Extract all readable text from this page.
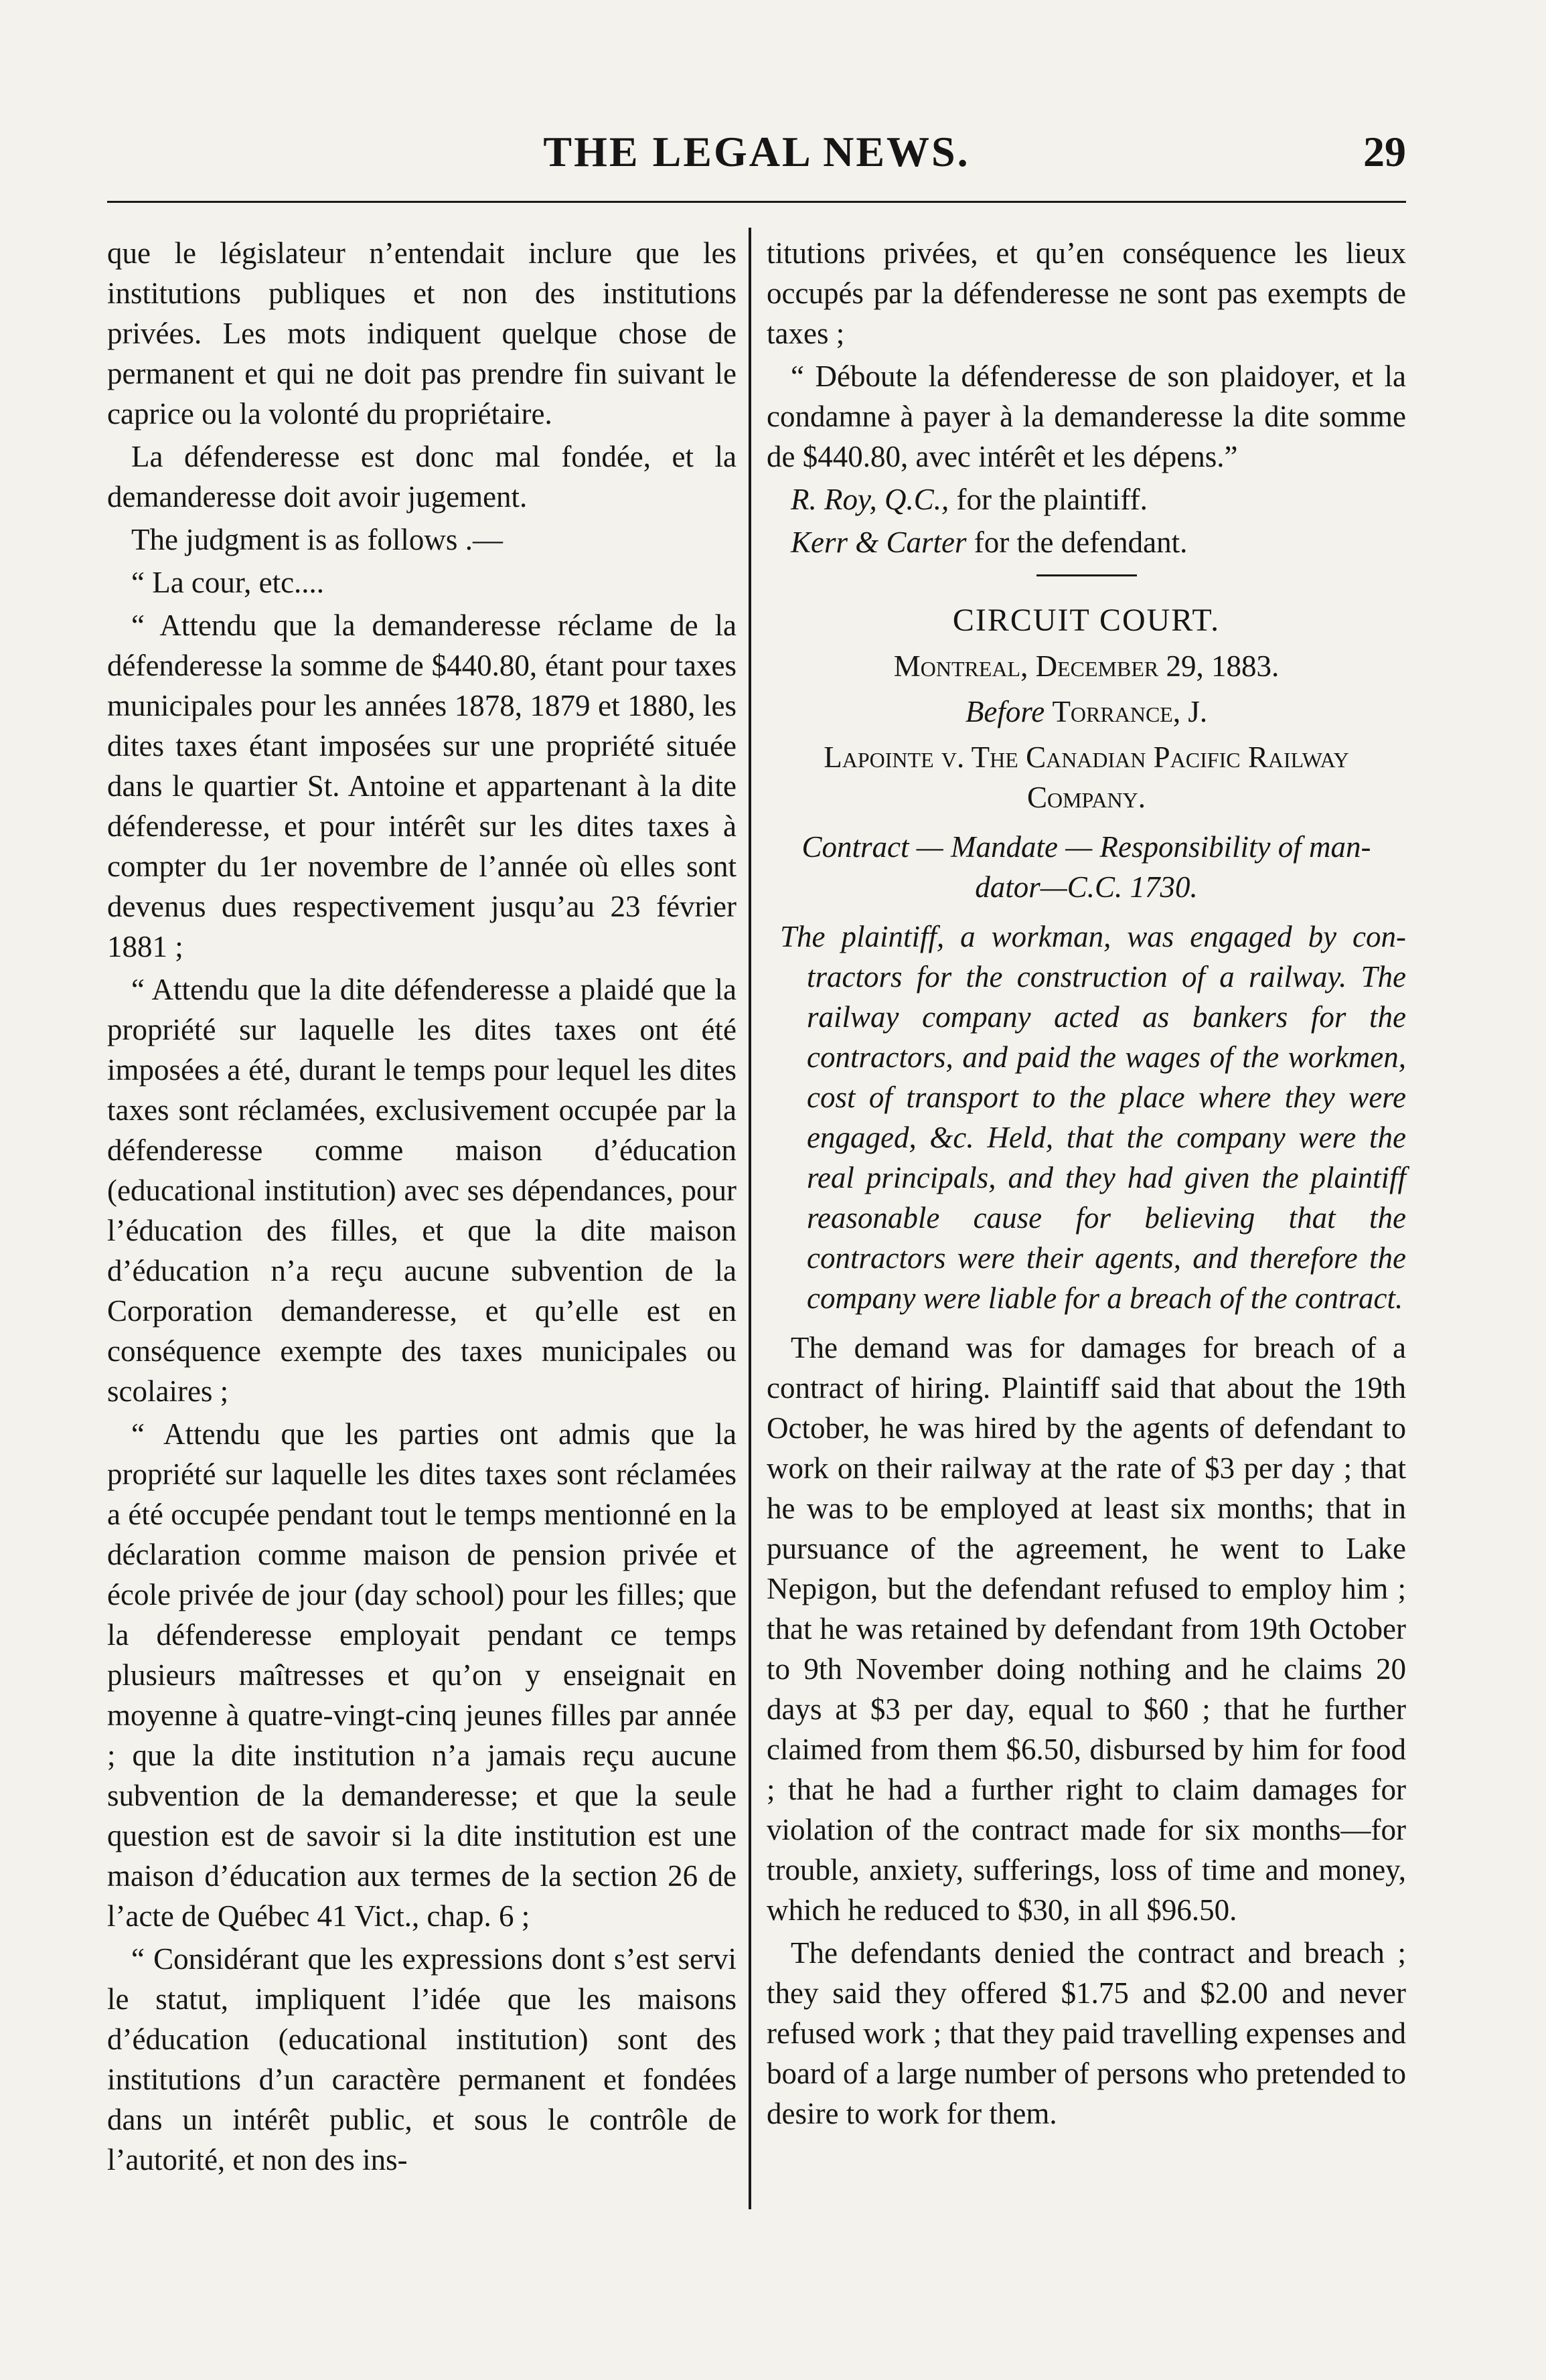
THE LEGAL NEWS.	29

que le législateur n’entendait inclure que les institutions publiques et non des institutions privées. Les mots indiquent quelque chose de permanent et qui ne doit pas prendre fin suivant le caprice ou la volonté du propriétaire.

La défenderesse est donc mal fondée, et la demanderesse doit avoir jugement.

The judgment is as follows .—

“ La cour, etc....

“ Attendu que la demanderesse réclame de la défenderesse la somme de $440.80, étant pour taxes municipales pour les années 1878, 1879 et 1880, les dites taxes étant imposées sur une propriété située dans le quartier St. Antoine et appartenant à la dite défenderesse, et pour intérêt sur les dites taxes à compter du 1er novembre de l’année où elles sont devenus dues respectivement jusqu’au 23 février 1881 ;

“ Attendu que la dite défenderesse a plaidé que la propriété sur laquelle les dites taxes ont été imposées a été, durant le temps pour lequel les dites taxes sont réclamées, exclusivement occupée par la défenderesse comme maison d’éducation (educational institution) avec ses dépendances, pour l’éducation des filles, et que la dite maison d’éducation n’a reçu aucune subvention de la Corporation demanderesse, et qu’elle est en conséquence exempte des taxes municipales ou scolaires ;

“ Attendu que les parties ont admis que la propriété sur laquelle les dites taxes sont réclamées a été occupée pendant tout le temps mentionné en la déclaration comme maison de pension privée et école privée de jour (day school) pour les filles; que la défenderesse employait pendant ce temps plusieurs maîtresses et qu’on y enseignait en moyenne à quatre-vingt-cinq jeunes filles par année ; que la dite institution n’a jamais reçu aucune subvention de la demanderesse; et que la seule question est de savoir si la dite institution est une maison d’éducation aux termes de la section 26 de l’acte de Québec 41 Vict., chap. 6 ;

“ Considérant que les expressions dont s’est servi le statut, impliquent l’idée que les maisons d’éducation (educational institution) sont des institutions d’un caractère permanent et fondées dans un intérêt public, et sous le contrôle de l’autorité, et non des ins-

titutions privées, et qu’en conséquence les lieux occupés par la défenderesse ne sont pas exempts de taxes ;

“ Déboute la défenderesse de son plaidoyer, et la condamne à payer à la demanderesse la dite somme de $440.80, avec intérêt et les dépens.”

R. Roy, Q.C., for the plaintiff.

Kerr & Carter for the defendant.

CIRCUIT COURT.
Montreal, December 29, 1883.
Before Torrance, J.
Lapointe v. The Canadian Pacific Railway Company.
Contract — Mandate — Responsibility of mandator—C.C. 1730.
The plaintiff, a workman, was engaged by contractors for the construction of a railway. The railway company acted as bankers for the contractors, and paid the wages of the workmen, cost of transport to the place where they were engaged, &c. Held, that the company were the real principals, and they had given the plaintiff reasonable cause for believing that the contractors were their agents, and therefore the company were liable for a breach of the contract.

The demand was for damages for breach of a contract of hiring. Plaintiff said that about the 19th October, he was hired by the agents of defendant to work on their railway at the rate of $3 per day ; that he was to be employed at least six months; that in pursuance of the agreement, he went to Lake Nepigon, but the defendant refused to employ him ; that he was retained by defendant from 19th October to 9th November doing nothing and he claims 20 days at $3 per day, equal to $60 ; that he further claimed from them $6.50, disbursed by him for food ; that he had a further right to claim damages for violation of the contract made for six months—for trouble, anxiety, sufferings, loss of time and money, which he reduced to $30, in all $96.50.

The defendants denied the contract and breach ; they said they offered $1.75 and $2.00 and never refused work ; that they paid travelling expenses and board of a large number of persons who pretended to desire to work for them.
